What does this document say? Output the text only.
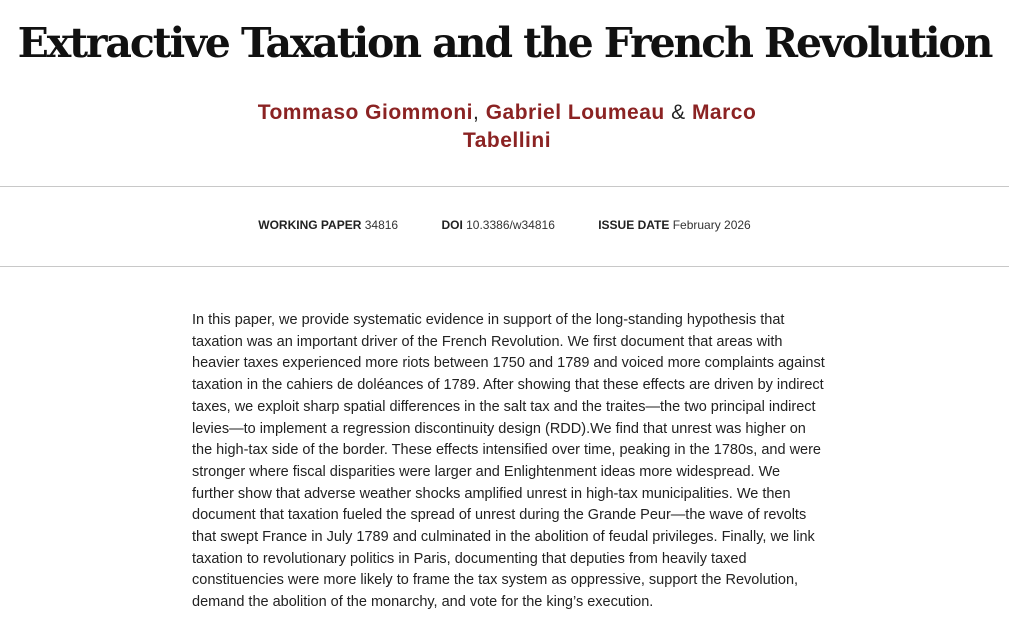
Extractive Taxation and the French Revolution
Tommaso Giommoni, Gabriel Loumeau & Marco Tabellini
WORKING PAPER 34816	DOI 10.3386/w34816	ISSUE DATE February 2026

In this paper, we provide systematic evidence in support of the long-standing hypothesis that taxation was an important driver of the French Revolution. We first document that areas with heavier taxes experienced more riots between 1750 and 1789 and voiced more complaints against taxation in the cahiers de doléances of 1789. After showing that these effects are driven by indirect taxes, we exploit sharp spatial differences in the salt tax and the traites—the two principal indirect levies—to implement a regression discontinuity design (RDD).We find that unrest was higher on the high-tax side of the border. These effects intensified over time, peaking in the 1780s, and were stronger where fiscal disparities were larger and Enlightenment ideas more widespread. We further show that adverse weather shocks amplified unrest in high-tax municipalities. We then document that taxation fueled the spread of unrest during the Grande Peur—the wave of revolts that swept France in July 1789 and culminated in the abolition of feudal privileges. Finally, we link taxation to revolutionary politics in Paris, documenting that deputies from heavily taxed constituencies were more likely to frame the tax system as oppressive, support the Revolution, demand the abolition of the monarchy, and vote for the king’s execution.
